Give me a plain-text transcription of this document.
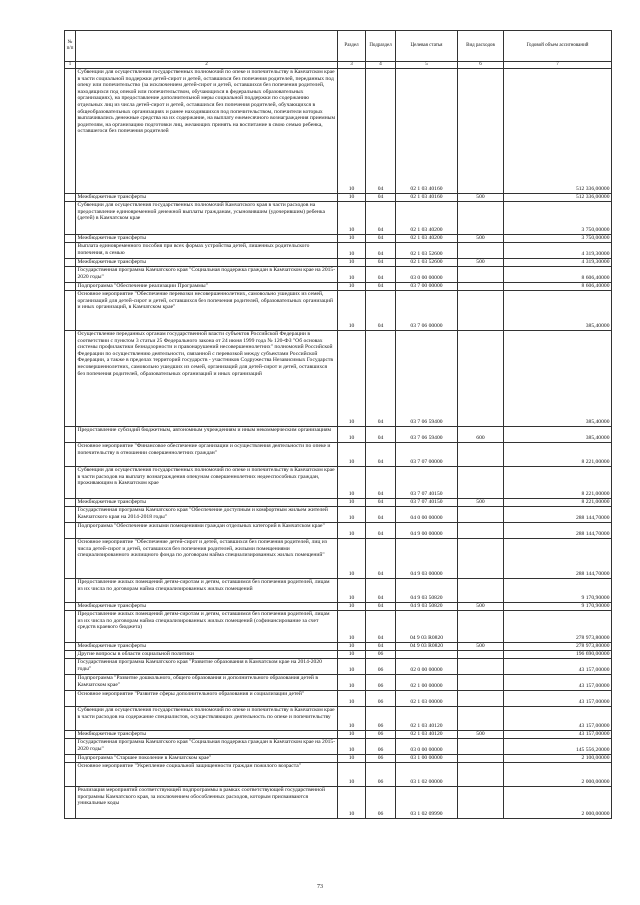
№ п/п		Раздел	Подраздел	Целевая статья	Вид расходов	Годовой объем ассигнований
1	2	3	4	5	6	7
	Субвенции для осуществления государственных полномочий по опеке и попечительству в Камчатском крае в части социальной поддержки детей-сирот и детей, оставшихся без попечения родителей, переданных под опеку или попечительство (за исключением детей-сирот и детей, оставшихся без попечения родителей, находящихся под опекой или попечительством, обучающихся в федеральных образовательных организациях), на предоставление дополнительной меры социальной поддержки по содержанию отдельных лиц из числа детей-сирот и детей, оставшихся без попечения родителей, обучающихся в общеобразовательных организациях и ранее находившихся под попечительством, попечители которых выплачивались денежные средства на их содержание, на выплату ежемесячного вознаграждения приемным родителям, на организацию подготовки лиц, желающих принять на воспитание в свою семью ребенка, оставшегося без попечения родителей	10	04	02 1 03 40160		512 336,00000
	Межбюджетные трансферты	10	04	02 1 03 40160	500	512 336,00000
	Субвенции для осуществления государственных полномочий Камчатского края в части расходов на предоставление единовременной денежной выплаты гражданам, усыновившим (удочерившим) ребенка (детей) в Камчатском крае	10	04	02 1 03 40200		3 750,00000
	Межбюджетные трансферты	10	04	02 1 03 40200	500	3 750,00000
	Выплата единовременного пособия при всех формах устройства детей, лишенных родительского попечения, в семью	10	04	02 1 03 52600		4 319,30000
	Межбюджетные трансферты	10	04	02 1 03 52600	500	4 319,30000
	Государственная программа Камчатского края "Социальная поддержка граждан в Камчатском крае на 2015-2020 годы"	10	04	03 0 00 00000		8 606,40000
	Подпрограмма "Обеспечение реализации Программы"	10	04	03 7 00 00000		8 606,40000
	Основное мероприятие "Обеспечение перевозки несовершеннолетних, самовольно ушедших из семей, организаций для детей-сирот и детей, оставшихся без попечения родителей, образовательных организаций и иных организаций, в Камчатском крае"	10	04	03 7 06 00000		385,40000
	Осуществление переданных органам государственной власти субъектов Российской Федерации в соответствии с пунктом 3 статьи 25 Федерального закона от 24 июня 1999 года № 120-ФЗ "Об основах системы профилактики безнадзорности и правонарушений несовершеннолетних" полномочий Российской Федерации по осуществлению деятельности, связанной с перевозкой между субъектами Российской Федерации, а также в пределах территорий государств - участников Содружества Независимых Государств несовершеннолетних, самовольно ушедших из семей, организаций для детей-сирот и детей, оставшихся без попечения родителей, образовательных организаций и иных организаций	10	04	03 7 06 59400		385,40000
	Предоставление субсидий бюджетным, автономным учреждениям и иным некоммерческим организациям	10	04	03 7 06 59400	600	385,40000
	Основное мероприятие "Финансовое обеспечение организации и осуществления деятельности по опеке и попечительству в отношении совершеннолетних граждан"	10	04	03 7 07 00000		8 221,00000
	Субвенции для осуществления государственных полномочий по опеке и попечительству в Камчатском крае в части расходов на выплату вознаграждения опекунам совершеннолетних недееспособных граждан, проживающим в Камчатском крае	10	04	03 7 07 40150		8 221,00000
	Межбюджетные трансферты	10	04	03 7 07 40150	500	8 221,00000
	Государственная программа Камчатского края "Обеспечение доступным и комфортным жильем жителей Камчатского края на 2014-2018 годы"	10	04	04 0 00 00000		288 144,70000
	Подпрограмма "Обеспечение жилыми помещениями граждан отдельных категорий в Камчатском крае"	10	04	04 9 00 00000		288 144,70000
	Основное мероприятие "Обеспечение детей-сирот и детей, оставшихся без попечения родителей, лиц из числа детей-сирот и детей, оставшихся без попечения родителей, жилыми помещениями специализированного жилищного фонда по договорам найма специализированных жилых помещений"	10	04	04 9 03 00000		288 144,70000
	Предоставление жилых помещений детям-сиротам и детям, оставшимся без попечения родителей, лицам из их числа по договорам найма специализированных жилых помещений	10	04	04 9 03 50820		9 170,90000
	Межбюджетные трансферты	10	04	04 9 03 50820	500	9 170,90000
	Предоставление жилых помещений детям-сиротам и детям, оставшимся без попечения родителей, лицам из их числа по договорам найма специализированных жилых помещений (софинансирование за счет средств краевого бюджета)	10	04	04 9 03 R0820		278 973,80000
	Межбюджетные трансферты	10	04	04 9 03 R0820	500	278 973,80000
	Другие вопросы в области социальной политики	10	06			196 690,00000
	Государственная программа Камчатского края "Развитие образования в Камчатском крае на 2014-2020 годы"	10	06	02 0 00 00000		43 157,00000
	Подпрограмма "Развитие дошкольного, общего образования и дополнительного образования детей в Камчатском крае"	10	06	02 1 00 00000		43 157,00000
	Основное мероприятие "Развитие сферы дополнительного образования и социализации детей"	10	06	02 1 03 00000		43 157,00000
	Субвенции для осуществления государственных полномочий по опеке и попечительству в Камчатском крае в части расходов на содержание специалистов, осуществляющих деятельность по опеке и попечительству	10	06	02 1 03 40120		43 157,00000
	Межбюджетные трансферты	10	06	02 1 03 40120	500	43 157,00000
	Государственная программа Камчатского края "Социальная поддержка граждан в Камчатском крае на 2015-2020 годы"	10	06	03 0 00 00000		145 556,20000
	Подпрограмма "Старшее поколение в Камчатском крае"	10	06	03 1 00 00000		2 100,00000
	Основное мероприятие "Укрепление социальной защищенности граждан пожилого возраста"	10	06	03 1 02 00000		2 000,00000
	Реализация мероприятий соответствующей подпрограммы в рамках соответствующей государственной программы Камчатского края, за исключением обособленных расходов, которым присваиваются уникальные коды	10	06	03 1 02 09990		2 000,00000
73
